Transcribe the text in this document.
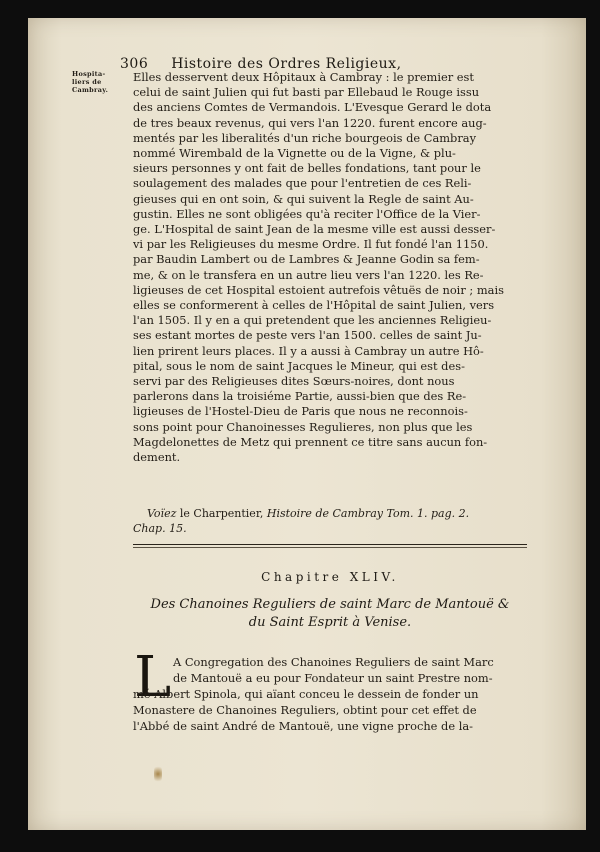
306 Histoire des Ordres Religieux,
Hospita-
liers de
Cambray.
Elles desservent deux Hôpitaux à Cambray : le premier est
celui de saint Julien qui fut basti par Ellebaud le Rouge issu
des anciens Comtes de Vermandois. L'Evesque Gerard le dota
de tres beaux revenus, qui vers l'an 1220. furent encore aug-
mentés par les liberalités d'un riche bourgeois de Cambray
nommé Wirembald de la Vignette ou de la Vigne, & plu-
sieurs personnes y ont fait de belles fondations, tant pour le
soulagement des malades que pour l'entretien de ces Reli-
gieuses qui en ont soin, & qui suivent la Regle de saint Au-
gustin. Elles ne sont obligées qu'à reciter l'Office de la Vier-
ge. L'Hospital de saint Jean de la mesme ville est aussi desser-
vi par les Religieuses du mesme Ordre. Il fut fondé l'an 1150.
par Baudin Lambert ou de Lambres & Jeanne Godin sa fem-
me, & on le transfera en un autre lieu vers l'an 1220. les Re-
ligieuses de cet Hospital estoient autrefois vêtuës de noir ; mais
elles se conformerent à celles de l'Hôpital de saint Julien, vers
l'an 1505. Il y en a qui pretendent que les anciennes Religieu-
ses estant mortes de peste vers l'an 1500. celles de saint Ju-
lien prirent leurs places. Il y a aussi à Cambray un autre Hô-
pital, sous le nom de saint Jacques le Mineur, qui est des-
servi par des Religieuses dites Sœurs-noires, dont nous
parlerons dans la troisiéme Partie, aussi-bien que des Re-
ligieuses de l'Hostel-Dieu de Paris que nous ne reconnois-
sons point pour Chanoinesses Regulieres, non plus que les
Magdelonettes de Metz qui prennent ce titre sans aucun fon-
dement.
Voïez le Charpentier, Histoire de Cambray Tom. 1. pag. 2.
Chap. 15.
Chapitre XLIV.
Des Chanoines Reguliers de saint Marc de Mantouë &
du Saint Esprit à Venise.
L A Congregation des Chanoines Reguliers de saint Marc
de Mantouë a eu pour Fondateur un saint Prestre nom-
mé Albert Spinola, qui aïant conceu le dessein de fonder un
Monastere de Chanoines Reguliers, obtint pour cet effet de
l'Abbé de saint André de Mantouë, une vigne proche de la-
